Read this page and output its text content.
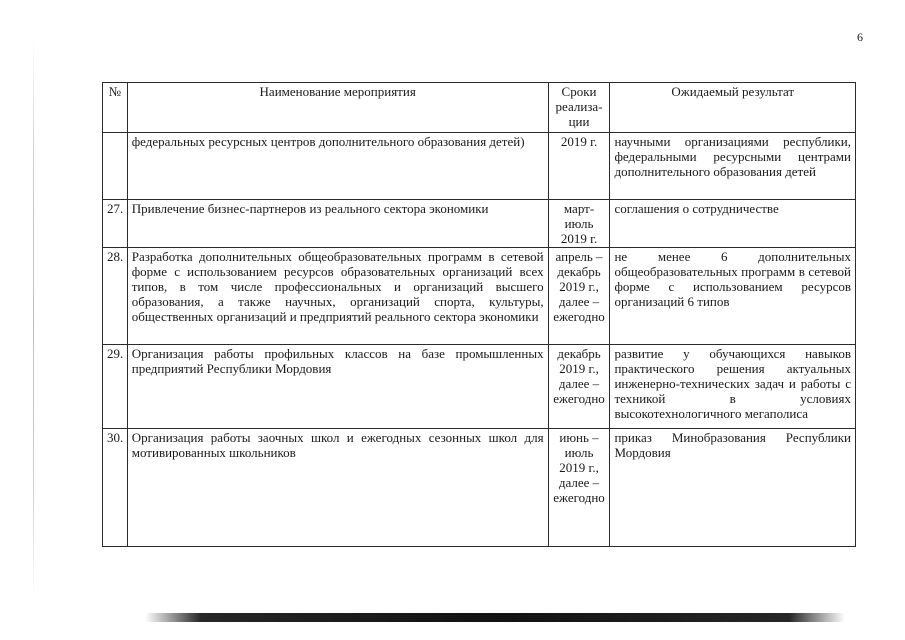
6
№	Наименование мероприятия	Сроки реализа-ции	Ожидаемый результат
	федеральных ресурсных центров дополнительного образования детей)	2019 г.	научными организациями республики, федеральными ресурсными центрами дополнительного образования детей
27.	Привлечение бизнес-партнеров из реального сектора экономики	март-июль 2019 г.	соглашения о сотрудничестве
28.	Разработка дополнительных общеобразовательных программ в сетевой форме с использованием ресурсов образовательных организаций всех типов, в том числе профессиональных и организаций высшего образования, а также научных, организаций спорта, культуры, общественных организаций и предприятий реального сектора экономики	апрель – декабрь 2019 г., далее – ежегодно	не менее 6 дополнительных общеобразовательных программ в сетевой форме с использованием ресурсов организаций 6 типов
29.	Организация работы профильных классов на базе промышленных предприятий Республики Мордовия	декабрь 2019 г., далее – ежегодно	развитие у обучающихся навыков практического решения актуальных инженерно-технических задач и работы с техникой в условиях высокотехнологичного мегаполиса
30.	Организация работы заочных школ и ежегодных сезонных школ для мотивированных школьников	июнь – июль 2019 г., далее – ежегодно	приказ Минобразования Республики Мордовия
